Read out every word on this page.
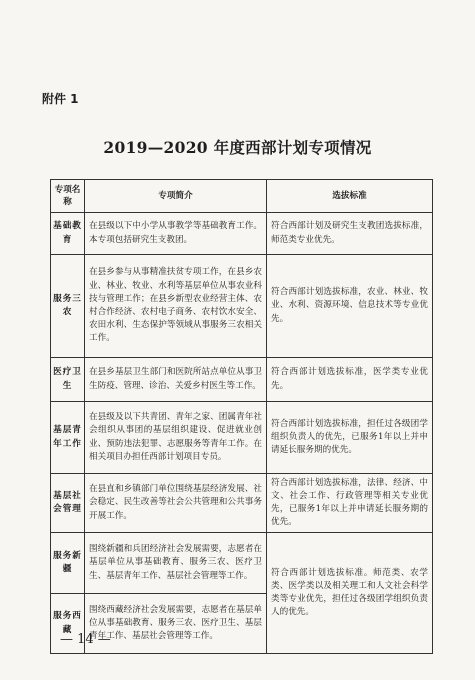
附件 1
2019—2020 年度西部计划专项情况
专项名称	专项简介	选拔标准
基础教育	在县级以下中小学从事教学等基础教育工作。本专项包括研究生支教团。	符合西部计划及研究生支教团选拔标准，师范类专业优先。
服务三农	在县乡参与从事精准扶贫专项工作，在县乡农业、林业、牧业、水利等基层单位从事农业科技与管理工作；在县乡新型农业经营主体、农村合作经济、农村电子商务、农村饮水安全、农田水利、生态保护等领域从事服务三农相关工作。	符合西部计划选拔标准，农业、林业、牧业、水利、资源环境、信息技术等专业优先。
医疗卫生	在县乡基层卫生部门和医院所站点单位从事卫生防疫、管理、诊治、关爱乡村医生等工作。	符合西部计划选拔标准，医学类专业优先。
基层青年工作	在县级及以下共青团、青年之家、团属青年社会组织从事团的基层组织建设、促进就业创业、预防违法犯罪、志愿服务等青年工作。在相关项目办担任西部计划项目专员。	符合西部计划选拔标准，担任过各级团学组织负责人的优先，已服务1年以上并申请延长服务期的优先。
基层社会管理	在县直和乡镇部门单位围绕基层经济发展、社会稳定、民生改善等社会公共管理和公共事务开展工作。	符合西部计划选拔标准，法律、经济、中文、社会工作、行政管理等相关专业优先，已服务1年以上并申请延长服务期的优先。
服务新疆	围绕新疆和兵团经济社会发展需要，志愿者在基层单位从事基础教育、服务三农、医疗卫生、基层青年工作、基层社会管理等工作。	符合西部计划选拔标准。师范类、农学类、医学类以及相关理工和人文社会科学类等专业优先，担任过各级团学组织负责人的优先。
服务西藏	围绕西藏经济社会发展需要，志愿者在基层单位从事基础教育、服务三农、医疗卫生、基层青年工作、基层社会管理等工作。	
— 14 —
